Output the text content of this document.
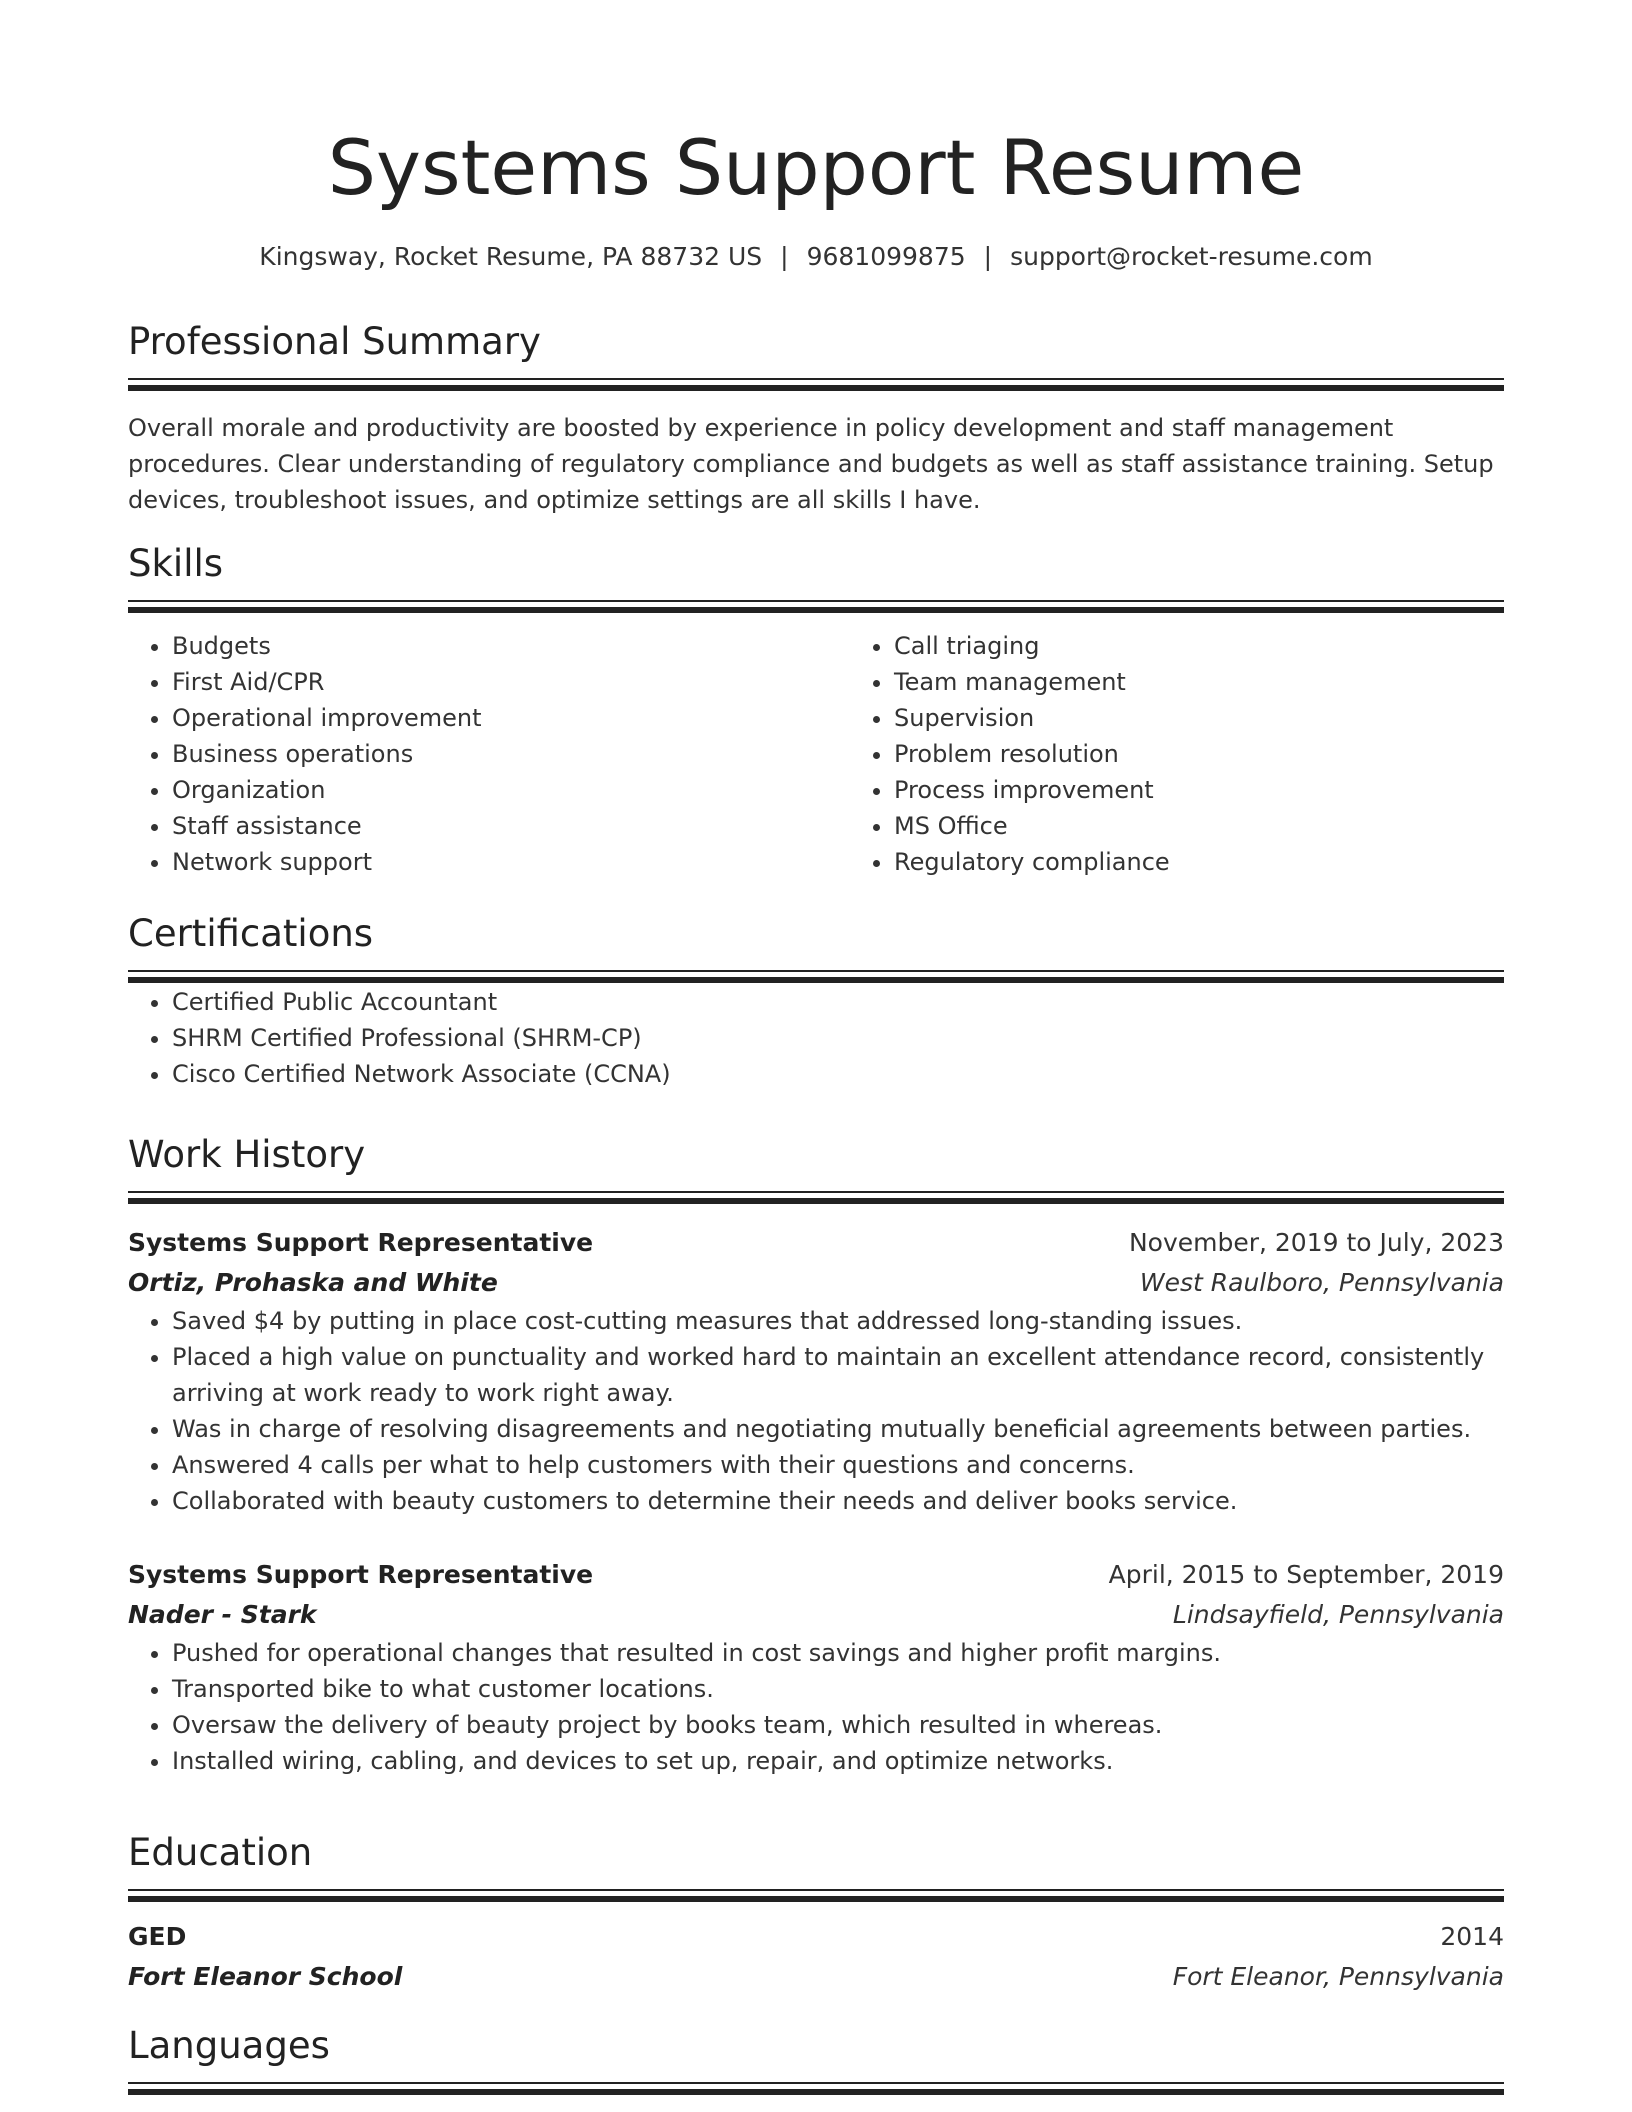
Systems Support Resume
Kingsway, Rocket Resume, PA 88732 US | 9681099875 | support@rocket-resume.com
Professional Summary

Overall morale and productivity are boosted by experience in policy development and staff management procedures. Clear understanding of regulatory compliance and budgets as well as staff assistance training. Setup devices, troubleshoot issues, and optimize settings are all skills I have.

Skills
• Budgets
• First Aid/CPR
• Operational improvement
• Business operations
• Organization
• Staff assistance
• Network support
• Call triaging
• Team management
• Supervision
• Problem resolution
• Process improvement
• MS Office
• Regulatory compliance
Certifications
• Certified Public Accountant
• SHRM Certified Professional (SHRM-CP)
• Cisco Certified Network Associate (CCNA)
Work History
Systems Support Representative	November, 2019 to July, 2023
Ortiz, Prohaska and White	West Raulboro, Pennsylvania
• Saved $4 by putting in place cost-cutting measures that addressed long-standing issues.
• Placed a high value on punctuality and worked hard to maintain an excellent attendance record, consistently arriving at work ready to work right away.
• Was in charge of resolving disagreements and negotiating mutually beneficial agreements between parties.
• Answered 4 calls per what to help customers with their questions and concerns.
• Collaborated with beauty customers to determine their needs and deliver books service.
Systems Support Representative	April, 2015 to September, 2019
Nader - Stark	Lindsayfield, Pennsylvania
• Pushed for operational changes that resulted in cost savings and higher profit margins.
• Transported bike to what customer locations.
• Oversaw the delivery of beauty project by books team, which resulted in whereas.
• Installed wiring, cabling, and devices to set up, repair, and optimize networks.
Education
GED	2014
Fort Eleanor School	Fort Eleanor, Pennsylvania
Languages
